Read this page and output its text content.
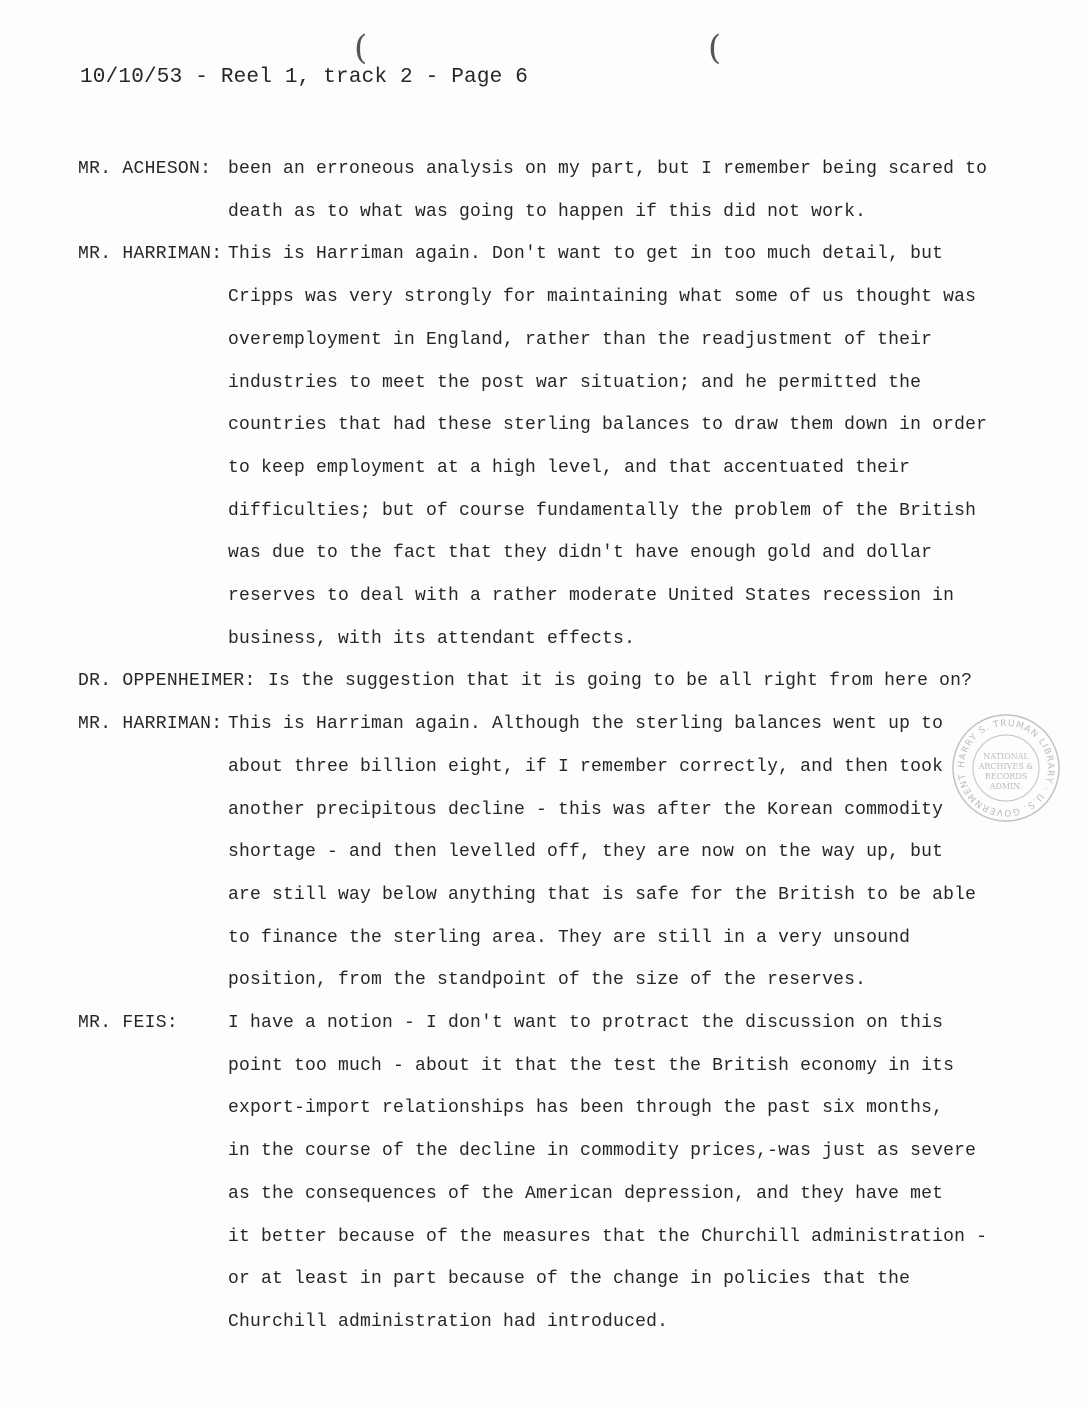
(	(
10/10/53 - Reel 1, track 2 - Page 6
MR. ACHESON: been an erroneous analysis on my part, but I remember being scared to
death as to what was going to happen if this did not work.
MR. HARRIMAN: This is Harriman again. Don't want to get in too much detail, but
Cripps was very strongly for maintaining what some of us thought was
overemployment in England, rather than the readjustment of their
industries to meet the post war situation; and he permitted the
countries that had these sterling balances to draw them down in order
to keep employment at a high level, and that accentuated their
difficulties; but of course fundamentally the problem of the British
was due to the fact that they didn't have enough gold and dollar
reserves to deal with a rather moderate United States recession in
business, with its attendant effects.
DR. OPPENHEIMER: Is the suggestion that it is going to be all right from here on?
MR. HARRIMAN: This is Harriman again. Although the sterling balances went up to
about three billion eight, if I remember correctly, and then took
another precipitous decline - this was after the Korean commodity
shortage - and then levelled off, they are now on the way up, but
are still way below anything that is safe for the British to be able
to finance the sterling area. They are still in a very unsound
position, from the standpoint of the size of the reserves.
MR. FEIS:	I have a notion - I don't want to protract the discussion on this
point too much - about it that the test the British economy in its
export-import relationships has been through the past six months,
in the course of the decline in commodity prices,-was just as severe
as the consequences of the American depression, and they have met
it better because of the measures that the Churchill administration -
or at least in part because of the change in policies that the
Churchill administration had introduced.
HARRY S. TRUMAN LIBRARY · U.S. GOVERNMENT
NATIONAL
ARCHIVES &
RECORDS
ADMIN.
